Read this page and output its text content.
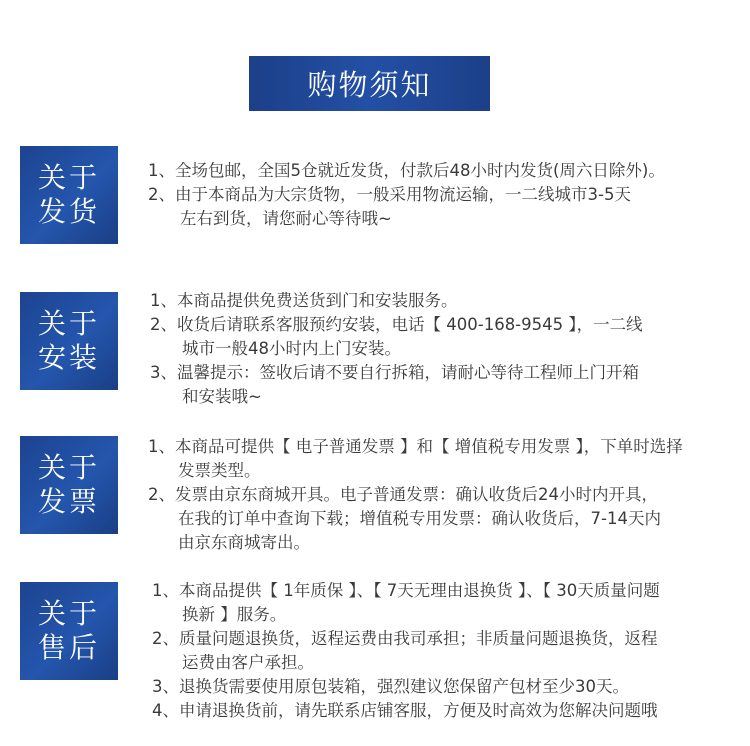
购物须知
关于
发货
1、全场包邮，全国5仓就近发货，付款后48小时内发货(周六日除外)。
2、由于本商品为大宗货物，一般采用物流运输，一二线城市3-5天
左右到货，请您耐心等待哦~
关于
安装
1、本商品提供免费送货到门和安装服务。
2、收货后请联系客服预约安装，电话【 400-168-9545 】，一二线
城市一般48小时内上门安装。
3、温馨提示：签收后请不要自行拆箱，请耐心等待工程师上门开箱
和安装哦~
关于
发票
1、本商品可提供【 电子普通发票 】和【 增值税专用发票 】，下单时选择
发票类型。
2、发票由京东商城开具。电子普通发票：确认收货后24小时内开具，
在我的订单中查询下载；增值税专用发票：确认收货后，7-14天内
由京东商城寄出。
关于
售后
1、本商品提供【 1年质保 】、【 7天无理由退换货 】、【 30天质量问题
换新 】服务。
2、质量问题退换货，返程运费由我司承担；非质量问题退换货，返程
运费由客户承担。
3、退换货需要使用原包装箱，强烈建议您保留产包材至少30天。
4、申请退换货前，请先联系店铺客服，方便及时高效为您解决问题哦
